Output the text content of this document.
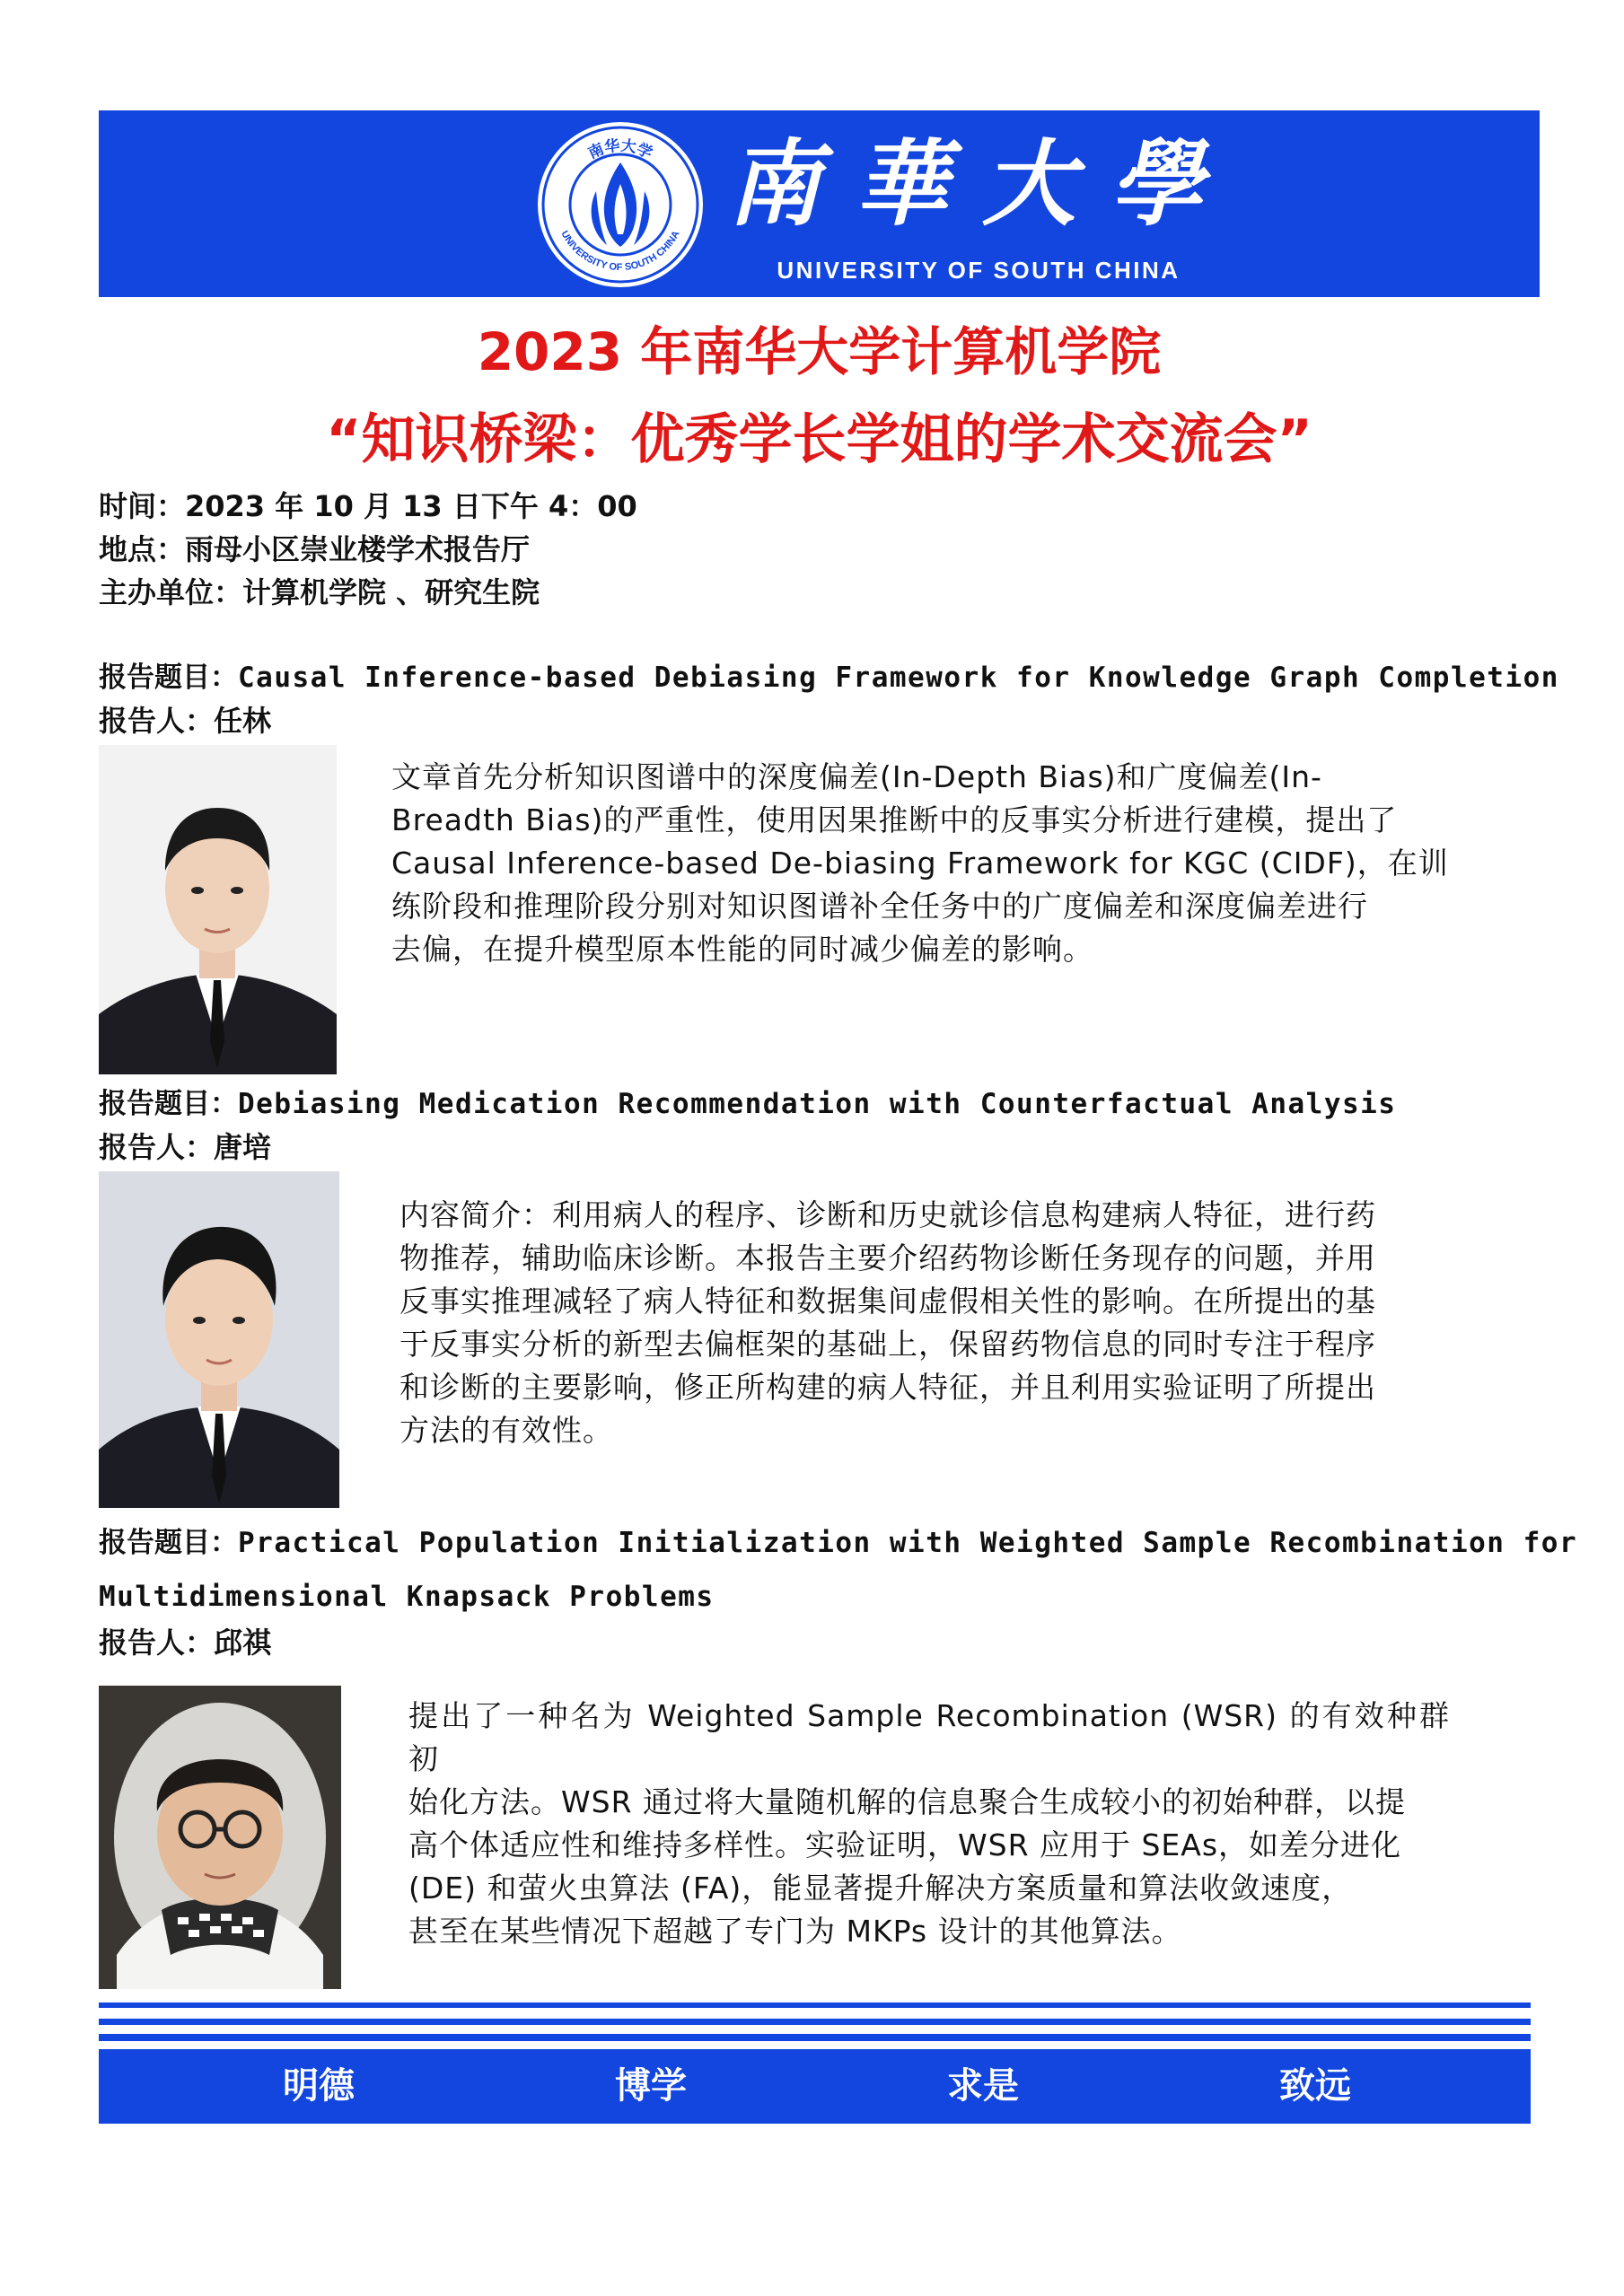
南华大学
UNIVERSITY OF SOUTH CHINA 南華大學
UNIVERSITY OF SOUTH CHINA
2023 年南华大学计算机学院
“知识桥梁：优秀学长学姐的学术交流会”
时间：2023 年 10 月 13 日下午 4：00
地点：雨母小区崇业楼学术报告厅
主办单位：计算机学院 、研究生院
报告题目：Causal Inference-based Debiasing Framework for Knowledge Graph Completion
报告人：任林
文章首先分析知识图谱中的深度偏差(In-Depth Bias)和广度偏差(In-
Breadth Bias)的严重性，使用因果推断中的反事实分析进行建模，提出了
Causal Inference-based De-biasing Framework for KGC (CIDF)，在训
练阶段和推理阶段分别对知识图谱补全任务中的广度偏差和深度偏差进行
去偏，在提升模型原本性能的同时减少偏差的影响。
报告题目：Debiasing Medication Recommendation with Counterfactual Analysis
报告人：唐培
内容简介：利用病人的程序、诊断和历史就诊信息构建病人特征，进行药
物推荐，辅助临床诊断。本报告主要介绍药物诊断任务现存的问题，并用
反事实推理减轻了病人特征和数据集间虚假相关性的影响。在所提出的基
于反事实分析的新型去偏框架的基础上，保留药物信息的同时专注于程序
和诊断的主要影响，修正所构建的病人特征，并且利用实验证明了所提出
方法的有效性。
报告题目：Practical Population Initialization with Weighted Sample Recombination for
Multidimensional Knapsack Problems
报告人：邱祺
提出了一种名为 Weighted Sample Recombination (WSR) 的有效种群初
始化方法。WSR 通过将大量随机解的信息聚合生成较小的初始种群，以提
高个体适应性和维持多样性。实验证明，WSR 应用于 SEAs，如差分进化
(DE) 和萤火虫算法 (FA)，能显著提升解决方案质量和算法收敛速度，
甚至在某些情况下超越了专门为 MKPs 设计的其他算法。
明德	博学	求是	致远
